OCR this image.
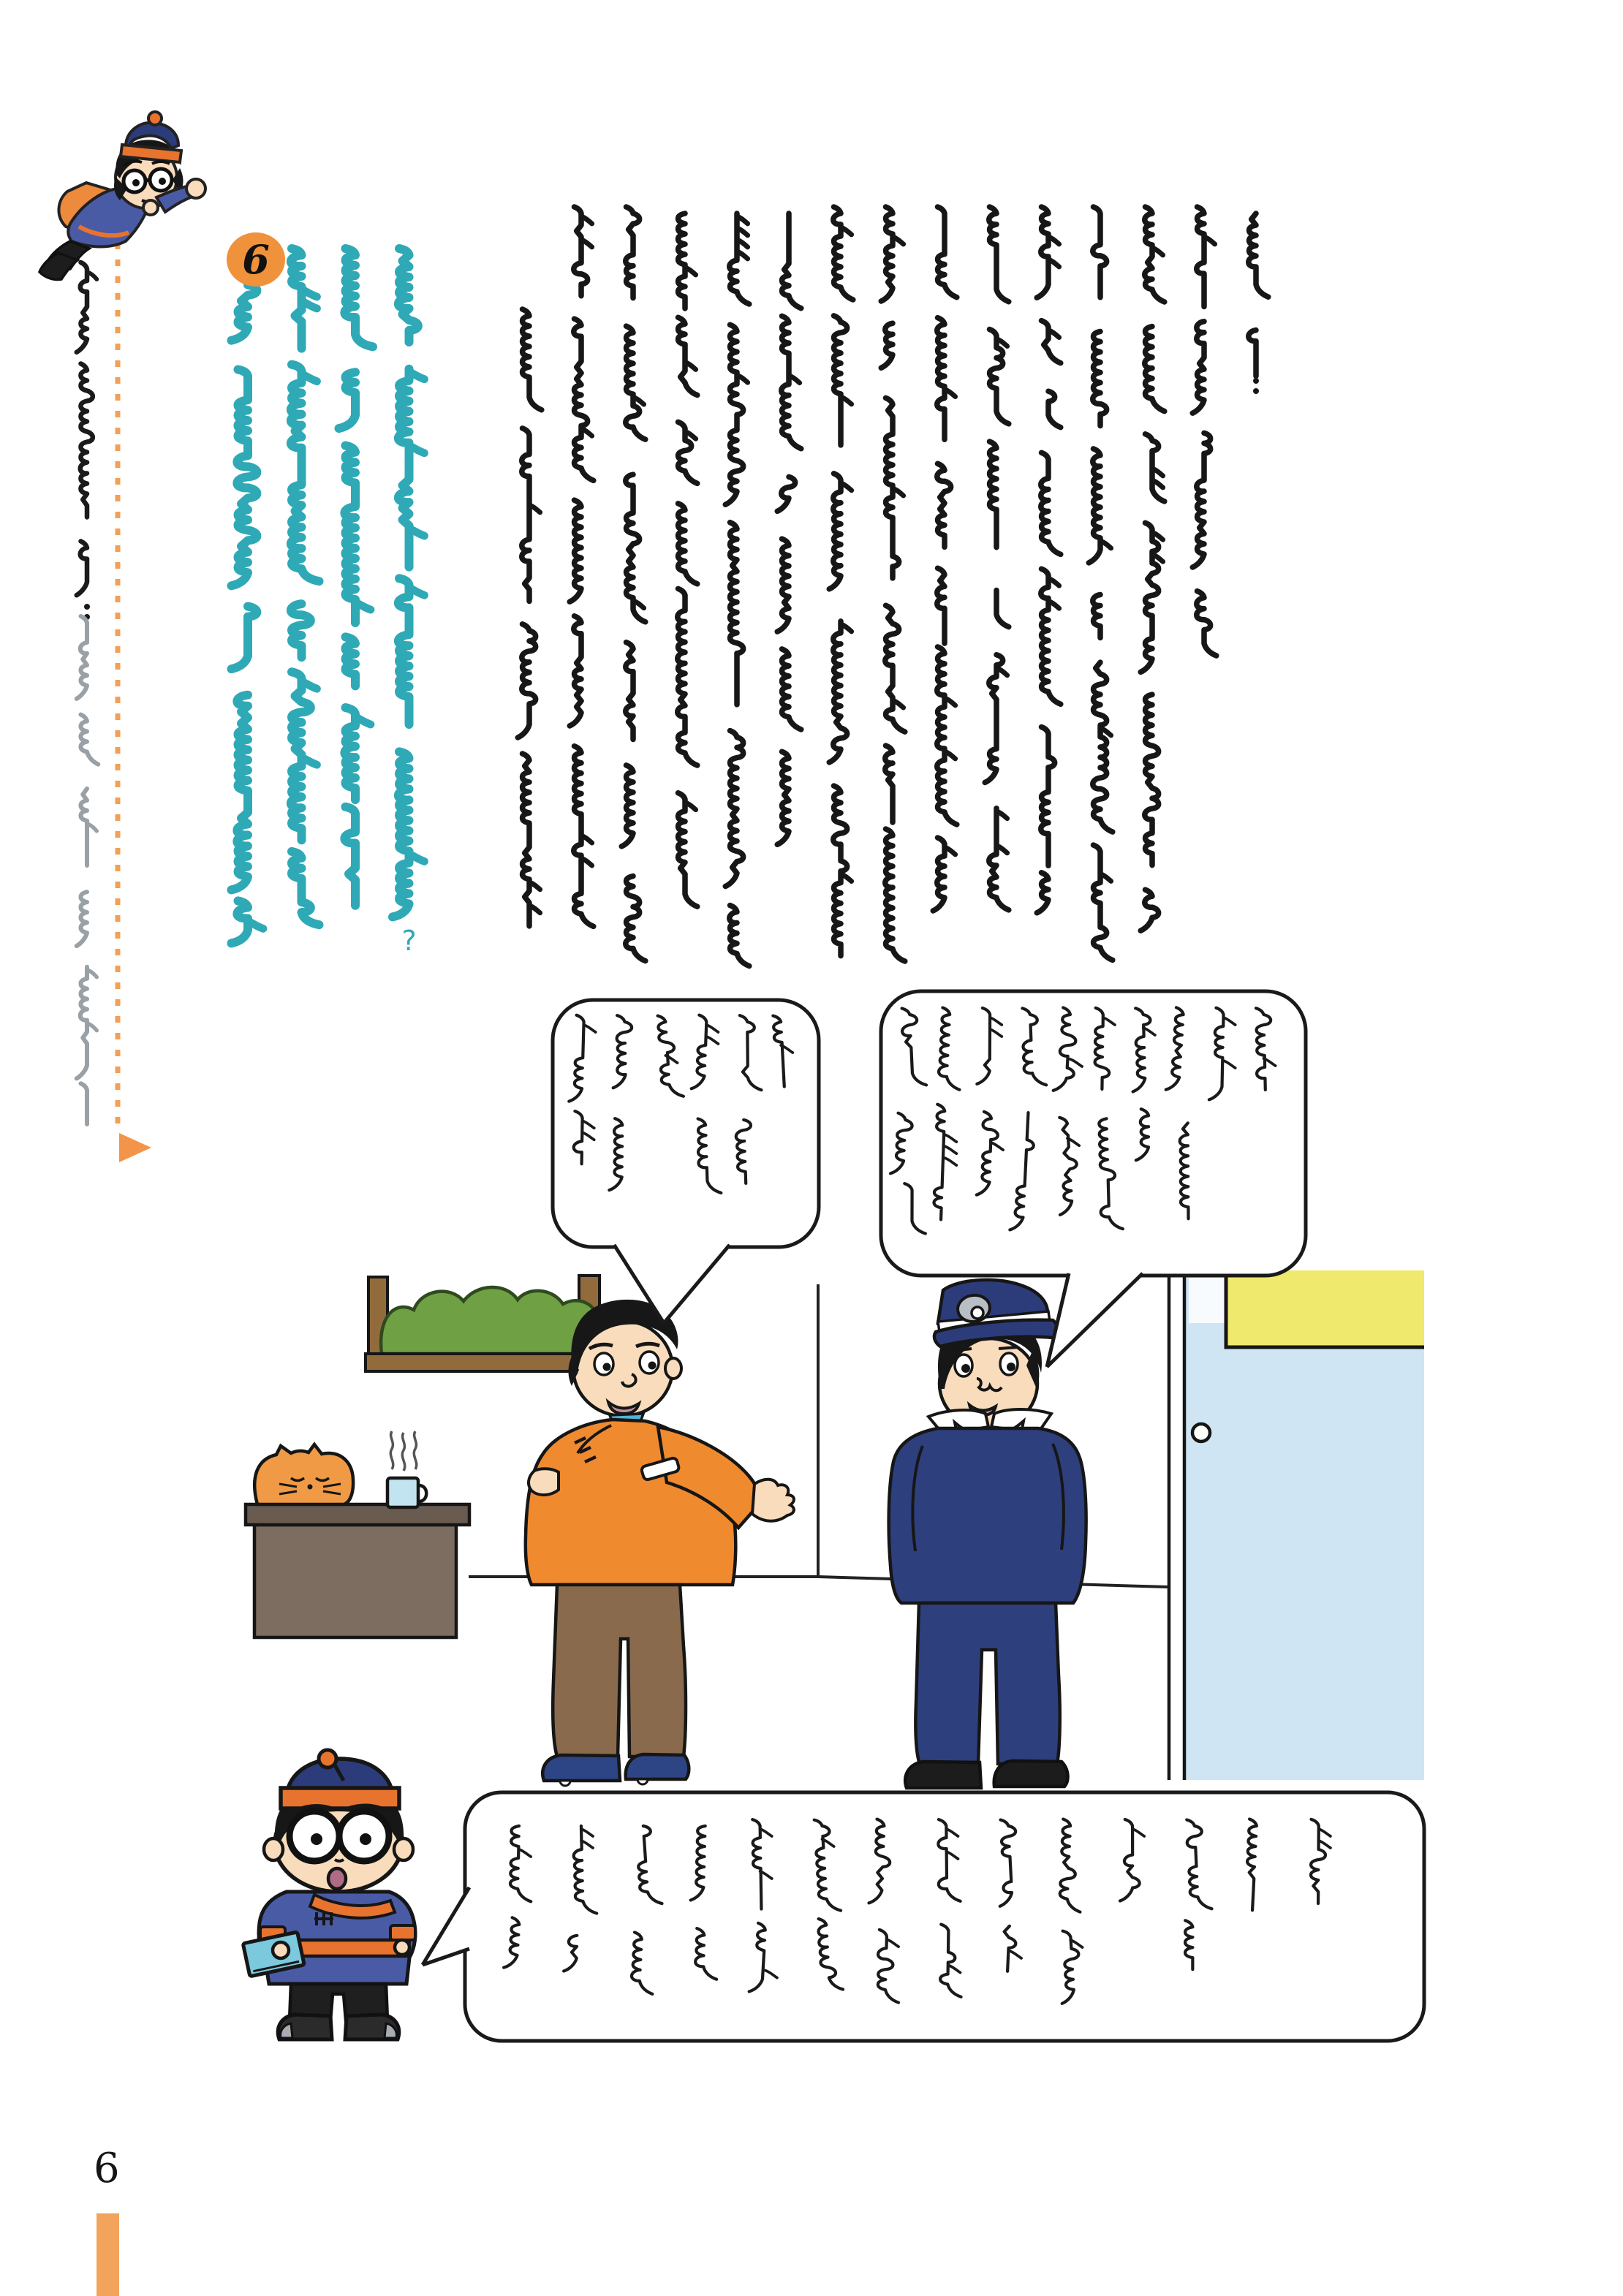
?
6
6
